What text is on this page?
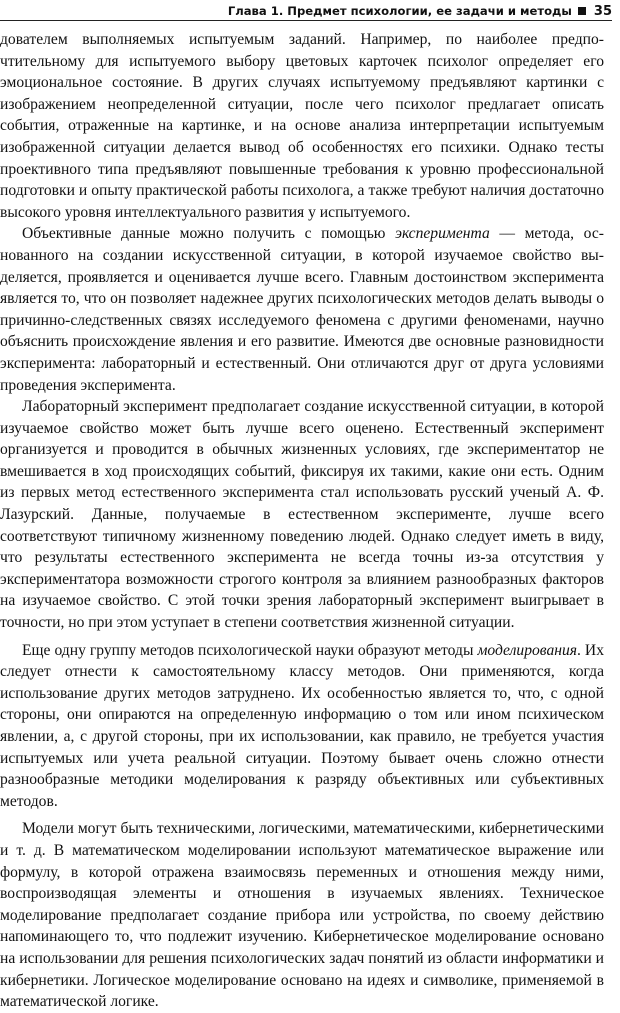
Глава 1. Предмет психологии, ее задачи и методы 35

дователем выполняемых испытуемым заданий. Например, по наиболее предпочтительному для испытуемого выбору цветовых карточек психолог определяет его эмоциональное состояние. В других случаях испытуемому предъявляют картинки с изображением неопределенной ситуации, после чего психолог предлагает описать события, отраженные на картинке, и на основе анализа интерпретации испытуемым изображенной ситуации делается вывод об особенностях его психики. Однако тесты проективного типа предъявляют повышенные требования к уровню профессиональной подготовки и опыту практической работы психолога, а также требуют наличия достаточно высокого уровня интеллектуального развития у испытуемого.

Объективные данные можно получить с помощью эксперимента — метода, основанного на создании искусственной ситуации, в которой изучаемое свойство выделяется, проявляется и оценивается лучше всего. Главным достоинством эксперимента является то, что он позволяет надежнее других психологических методов делать выводы о причинно-следственных связях исследуемого феномена с другими феноменами, научно объяснить происхождение явления и его развитие. Имеются две основные разновидности эксперимента: лабораторный и естественный. Они отличаются друг от друга условиями проведения эксперимента.

Лабораторный эксперимент предполагает создание искусственной ситуации, в которой изучаемое свойство может быть лучше всего оценено. Естественный эксперимент организуется и проводится в обычных жизненных условиях, где экспериментатор не вмешивается в ход происходящих событий, фиксируя их такими, какие они есть. Одним из первых метод естественного эксперимента стал использовать русский ученый А. Ф. Лазурский. Данные, получаемые в естественном эксперименте, лучше всего соответствуют типичному жизненному поведению людей. Однако следует иметь в виду, что результаты естественного эксперимента не всегда точны из-за отсутствия у экспериментатора возможности строгого контроля за влиянием разнообразных факторов на изучаемое свойство. С этой точки зрения лабораторный эксперимент выигрывает в точности, но при этом уступает в степени соответствия жизненной ситуации.

Еще одну группу методов психологической науки образуют методы моделирования. Их следует отнести к самостоятельному классу методов. Они применяются, когда использование других методов затруднено. Их особенностью является то, что, с одной стороны, они опираются на определенную информацию о том или ином психическом явлении, а, с другой стороны, при их использовании, как правило, не требуется участия испытуемых или учета реальной ситуации. Поэтому бывает очень сложно отнести разнообразные методики моделирования к разряду объективных или субъективных методов.

Модели могут быть техническими, логическими, математическими, кибернетическими и т. д. В математическом моделировании используют математическое выражение или формулу, в которой отражена взаимосвязь переменных и отношения между ними, воспроизводящая элементы и отношения в изучаемых явлениях. Техническое моделирование предполагает создание прибора или устройства, по своему действию напоминающего то, что подлежит изучению. Кибернетическое моделирование основано на использовании для решения психологических задач понятий из области информатики и кибернетики. Логическое моделирование основано на идеях и символике, применяемой в математической логике.
